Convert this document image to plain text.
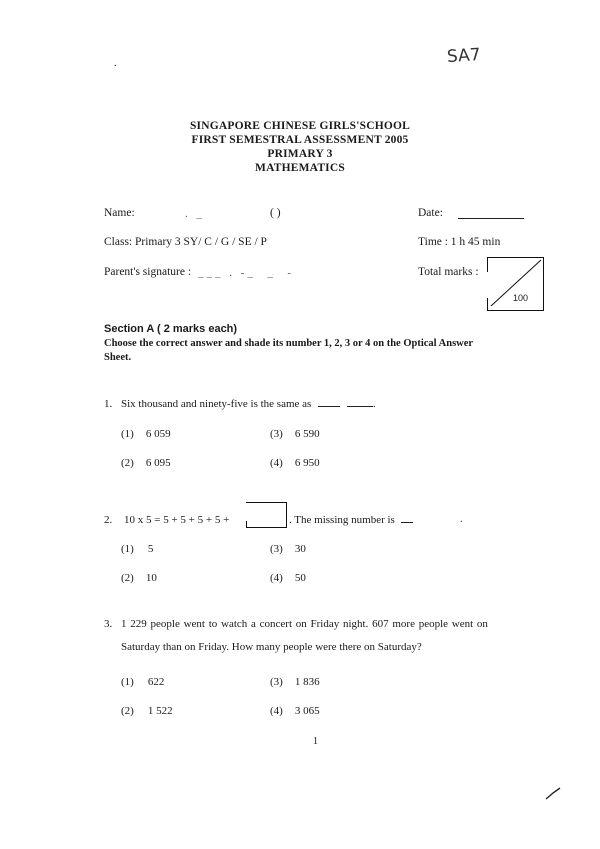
SA7
.
SINGAPORE CHINESE GIRLS'SCHOOL
FIRST SEMESTRAL ASSESSMENT 2005
PRIMARY 3
MATHEMATICS
Name:	. _	( )	Date:
Class: Primary 3 SY/ C / G / SE / P	Time : 1 h 45 min
Parent's signature : ___ . -_  _  -	Total marks :
100
Section A ( 2 marks each)
Choose the correct answer and shade its number 1, 2, 3 or 4 on the Optical Answer
Sheet.
1. Six thousand and ninety-five is the same as	.
(1) 6 059	(3) 6 590
(2) 6 095	(4) 6 950
2. 10 x 5 = 5 + 5 + 5 + 5 +	. The missing number is	.
(1) 5	(3) 30
(2) 10	(4) 50
3. 1 229 people went to watch a concert on Friday night. 607 more people went on
Saturday than on Friday. How many people were there on Saturday?
(1) 622	(3) 1 836
(2) 1 522	(4) 3 065
1
